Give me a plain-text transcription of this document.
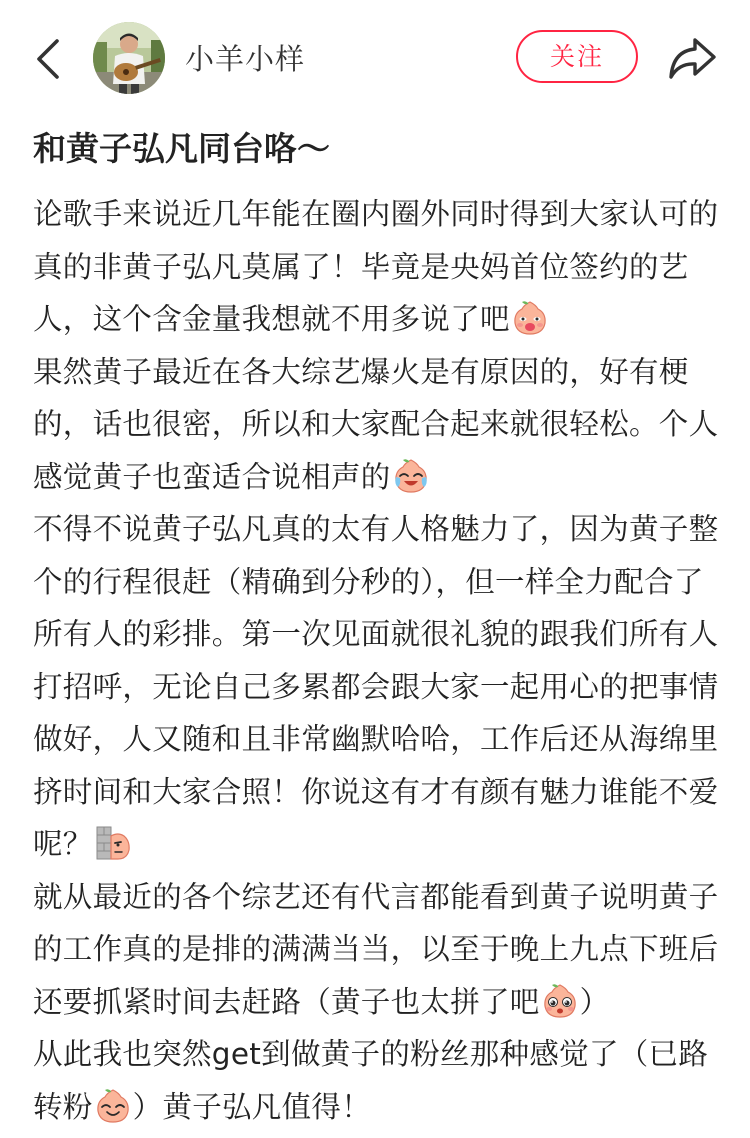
小羊小样	关注
和黄子弘凡同台咯～

论歌手来说近几年能在圈内圈外同时得到大家认可的真的非黄子弘凡莫属了！毕竟是央妈首位签约的艺人，这个含金量我想就不用多说了吧

果然黄子最近在各大综艺爆火是有原因的，好有梗的，话也很密，所以和大家配合起来就很轻松。个人感觉黄子也蛮适合说相声的

不得不说黄子弘凡真的太有人格魅力了，因为黄子整个的行程很赶（精确到分秒的），但一样全力配合了所有人的彩排。第一次见面就很礼貌的跟我们所有人打招呼，无论自己多累都会跟大家一起用心的把事情做好，人又随和且非常幽默哈哈，工作后还从海绵里挤时间和大家合照！你说这有才有颜有魅力谁能不爱呢？

就从最近的各个综艺还有代言都能看到黄子说明黄子的工作真的是排的满满当当，以至于晚上九点下班后还要抓紧时间去赶路（黄子也太拼了吧 ）

从此我也突然get到做黄子的粉丝那种感觉了（已路转粉 ）黄子弘凡值得！
